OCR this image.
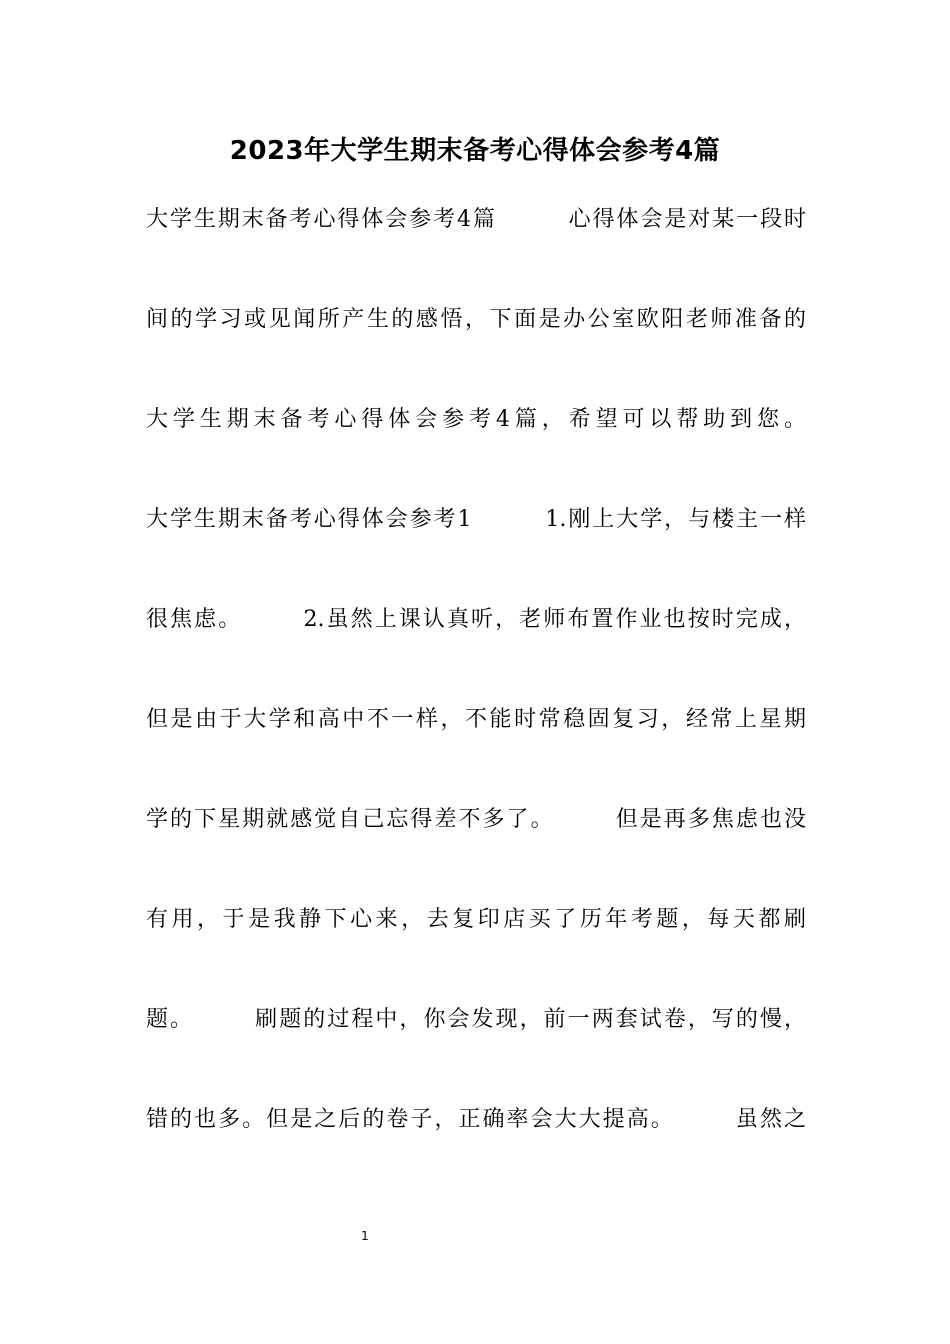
2023年大学生期末备考心得体会参考4篇

大学生期末备考心得体会参考4篇　　　心得体会是对某一段时

间的学习或见闻所产生的感悟，下面是办公室欧阳老师准备的

大学生期末备考心得体会参考4篇，希望可以帮助到您。

大学生期末备考心得体会参考1　　　1.刚上大学，与楼主一样

很焦虑。　　　2.虽然上课认真听，老师布置作业也按时完成，

但是由于大学和高中不一样，不能时常稳固复习，经常上星期

学的下星期就感觉自己忘得差不多了。　　　但是再多焦虑也没

有用，于是我静下心来，去复印店买了历年考题，每天都刷

题。　　　刷题的过程中，你会发现，前一两套试卷，写的慢，

错的也多。但是之后的卷子，正确率会大大提高。　　　虽然之

1
